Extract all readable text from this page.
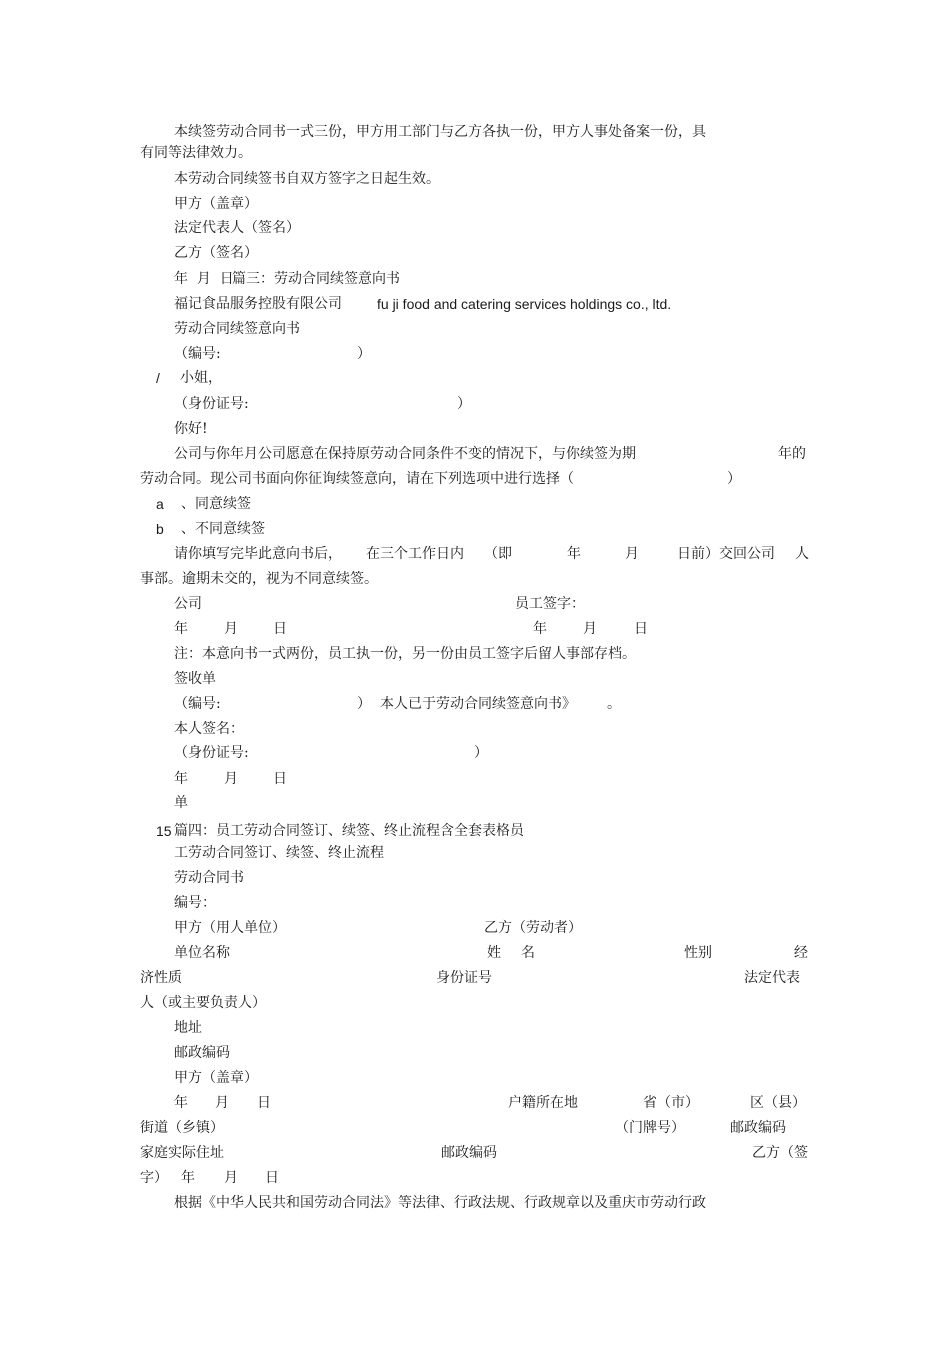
本续签劳动合同书一式三份，甲方用工部门与乙方各执一份，甲方人事处备案一份，具
有同等法律效力。
本劳动合同续签书自双方签字之日起生效。
甲方（盖章）
法定代表人（签名）
乙方（签名）
年  月  日
篇三：劳动合同续签意向书
福记食品服务控股有限公司	fu ji food and catering services holdings co., ltd.
劳动合同续签意向书
（编号:	）
/ 小姐，
（身份证号:	）
你好!
公司与你年月公司愿意在保持原劳动合同条件不变的情况下，与你续签为期	年的
劳动合同。现公司书面向你征询续签意向，请在下列选项中进行选择（	）
a 、同意续签
b 、不同意续签
请你填写完毕此意向书后， 在三个工作日内 （即	年	月	日前）交回公司 人
事部。逾期未交的，视为不同意续签。
公司	员工签字：
年	月	日	年	月	日
注：本意向书一式两份，员工执一份，另一份由员工签字后留人事部存档。
签收单
（编号:	） 本人已于劳动合同续签意向书》 。
本人签名：
（身份证号:	）
年	月	日
单
15 篇四：员工劳动合同签订、续签、终止流程含全套表格员
工劳动合同签订、续签、终止流程
劳动合同书
编号：
甲方（用人单位）	乙方（劳动者）
单位名称	姓 名	性别	经
济性质	身份证号	法定代表
人（或主要负责人）
地址
邮政编码
甲方（盖章）
年 月 日	户籍所在地	省（市）	区（县）
街道（乡镇）	（门牌号）	邮政编码
家庭实际住址	邮政编码	乙方（签
字） 年 月 日
根据《中华人民共和国劳动合同法》等法律、行政法规、行政规章以及重庆市劳动行政
